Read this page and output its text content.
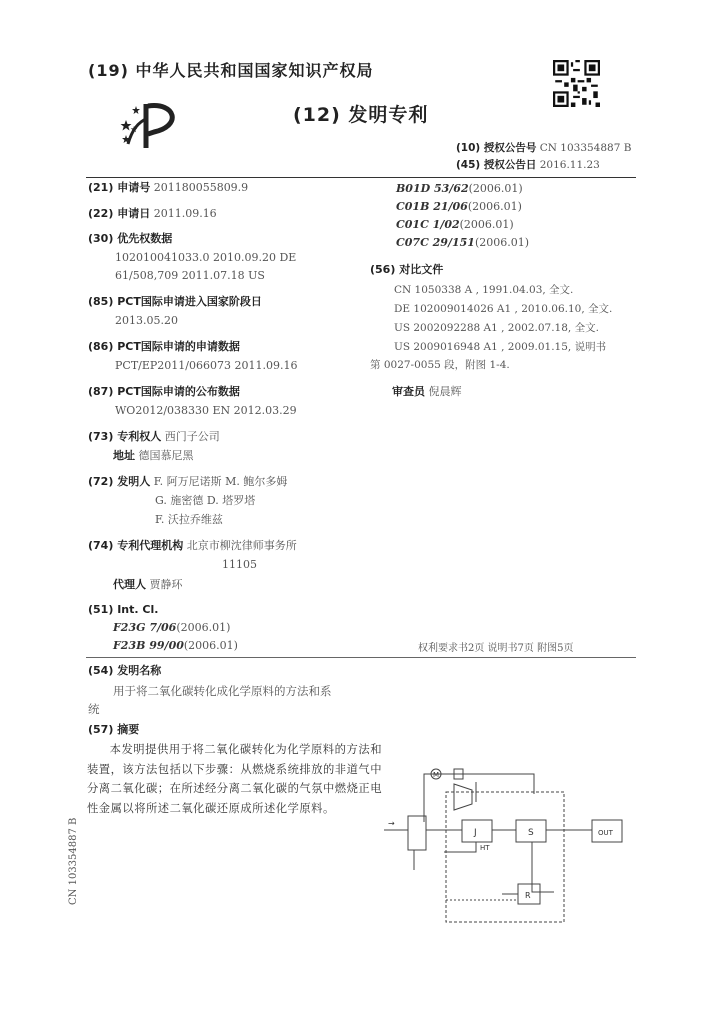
(19) 中华人民共和国国家知识产权局
(12) 发明专利
(10) 授权公告号 CN 103354887 B
(45) 授权公告日 2016.11.23
(21) 申请号 201180055809.9
(22) 申请日 2011.09.16
(30) 优先权数据
102010041033.0 2010.09.20 DE
61/508,709 2011.07.18 US
(85) PCT国际申请进入国家阶段日
2013.05.20
(86) PCT国际申请的申请数据
PCT/EP2011/066073 2011.09.16
(87) PCT国际申请的公布数据
WO2012/038330 EN 2012.03.29
(73) 专利权人 西门子公司
地址 德国慕尼黑
(72) 发明人 F. 阿万尼诺斯 M. 鲍尔多姆
G. 施密德 D. 塔罗塔
F. 沃拉乔维兹
(74) 专利代理机构 北京市柳沈律师事务所
11105
代理人 贾静环
(51) Int. Cl.
F23G 7/06(2006.01)
F23B 99/00(2006.01)
B01D 53/62(2006.01)
C01B 21/06(2006.01)
C01C 1/02(2006.01)
C07C 29/151(2006.01)
(56) 对比文件
CN 1050338 A , 1991.04.03, 全文.
DE 102009014026 A1 , 2010.06.10, 全文.
US 2002092288 A1 , 2002.07.18, 全文.
US 2009016948 A1 , 2009.01.15, 说明书
第 0027-0055 段，附图 1-4.
审查员 倪晨辉
权利要求书2页 说明书7页 附图5页
(54) 发明名称
用于将二氧化碳转化成化学原料的方法和系
统
(57) 摘要
本发明提供用于将二氧化碳转化为化学原料的方法和装置，该方法包括以下步骤：从燃烧系统排放的非道气中分离二氧化碳；在所述经分离二氧化碳的气氛中燃烧正电性金属以将所述二氧化碳还原成所述化学原料。
CN 103354887 B	J	S
R
HT
M
OUT
→
